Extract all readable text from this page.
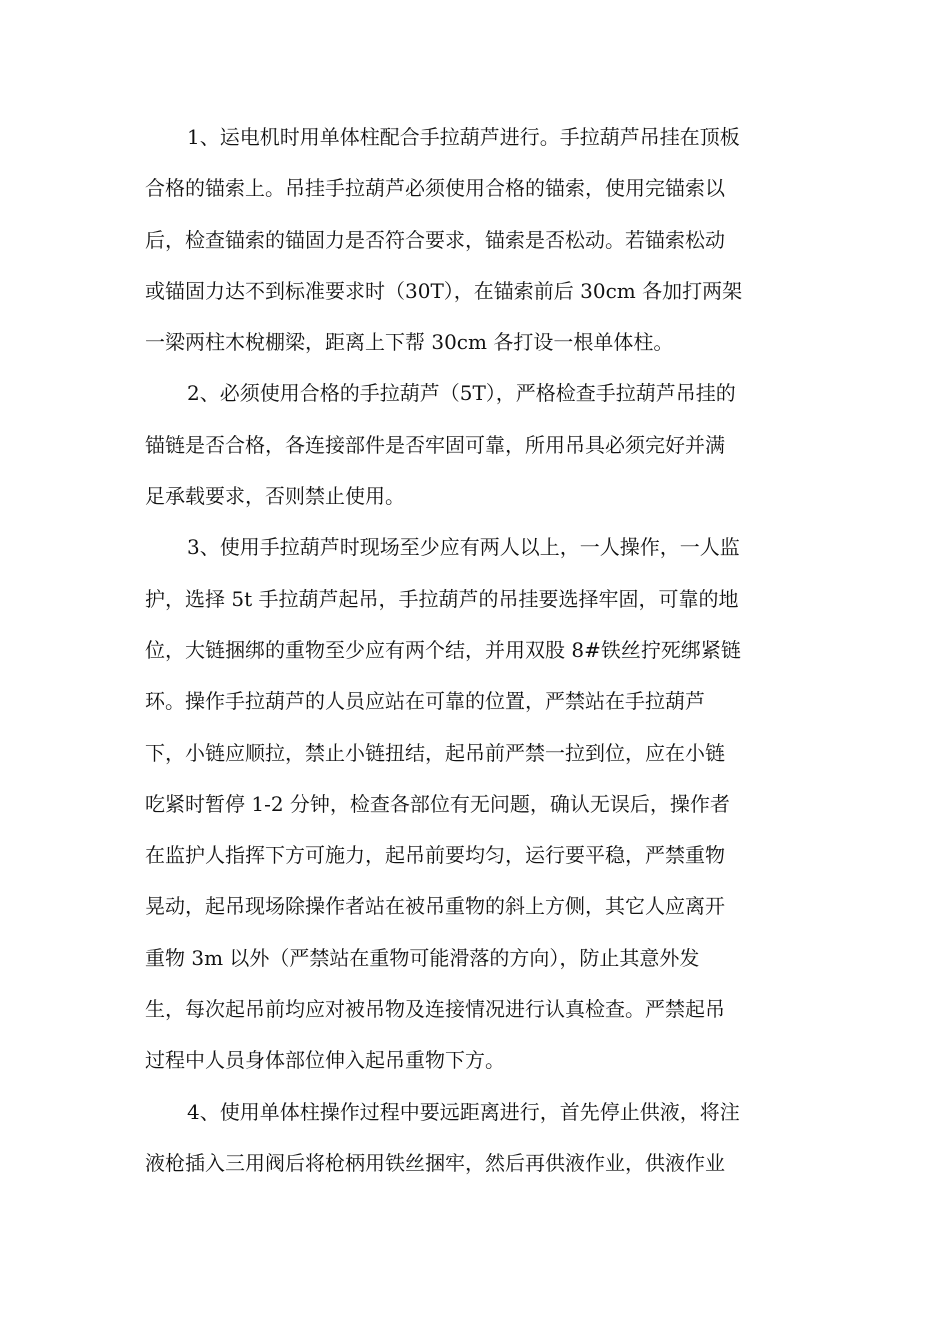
1、运电机时用单体柱配合手拉葫芦进行。手拉葫芦吊挂在顶板
合格的锚索上。吊挂手拉葫芦必须使用合格的锚索，使用完锚索以
后，检查锚索的锚固力是否符合要求，锚索是否松动。若锚索松动
或锚固力达不到标准要求时（30T），在锚索前后 30cm 各加打两架
一梁两柱木梲棚梁，距离上下帮 30cm 各打设一根单体柱。
2、必须使用合格的手拉葫芦（5T），严格检查手拉葫芦吊挂的
锚链是否合格，各连接部件是否牢固可靠，所用吊具必须完好并满
足承载要求，否则禁止使用。
3、使用手拉葫芦时现场至少应有两人以上，一人操作，一人监
护，选择 5t 手拉葫芦起吊，手拉葫芦的吊挂要选择牢固，可靠的地
位，大链捆绑的重物至少应有两个结，并用双股 8#铁丝拧死绑紧链
环。操作手拉葫芦的人员应站在可靠的位置，严禁站在手拉葫芦
下，小链应顺拉，禁止小链扭结，起吊前严禁一拉到位，应在小链
吃紧时暂停 1-2 分钟，检查各部位有无问题，确认无误后，操作者
在监护人指挥下方可施力，起吊前要均匀，运行要平稳，严禁重物
晃动，起吊现场除操作者站在被吊重物的斜上方侧，其它人应离开
重物 3m 以外（严禁站在重物可能滑落的方向），防止其意外发
生，每次起吊前均应对被吊物及连接情况进行认真检查。严禁起吊
过程中人员身体部位伸入起吊重物下方。
4、使用单体柱操作过程中要远距离进行，首先停止供液，将注
液枪插入三用阀后将枪柄用铁丝捆牢，然后再供液作业，供液作业
